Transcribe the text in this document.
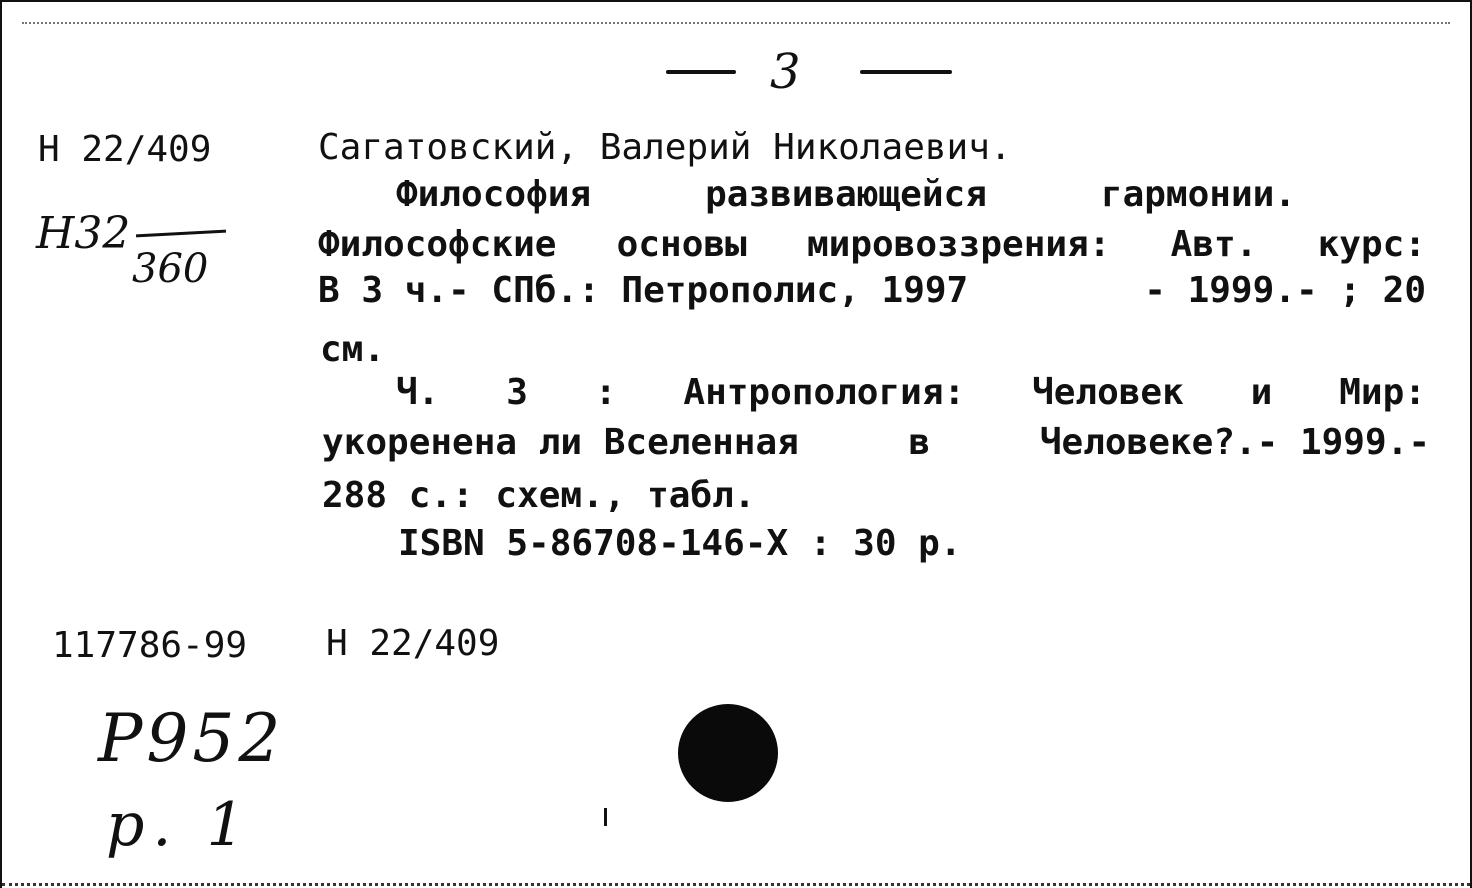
3
Н 22/409
Н32
360
Сагатовский, Валерий Николаевич.
Философия	развивающейся	гармонии.
Философские основы мировоззрения: Авт. курс:
В 3 ч.- СПб.: Петрополис, 1997	- 1999.- ; 20
см.
Ч. 3 : Антропология: Человек и Мир:
укоренена ли Вселенная	в	Человеке?.- 1999.-
288 с.: схем., табл.
ISBN 5-86708-146-X : 30 р.
117786-99 Н 22/409
P952
p. 1
